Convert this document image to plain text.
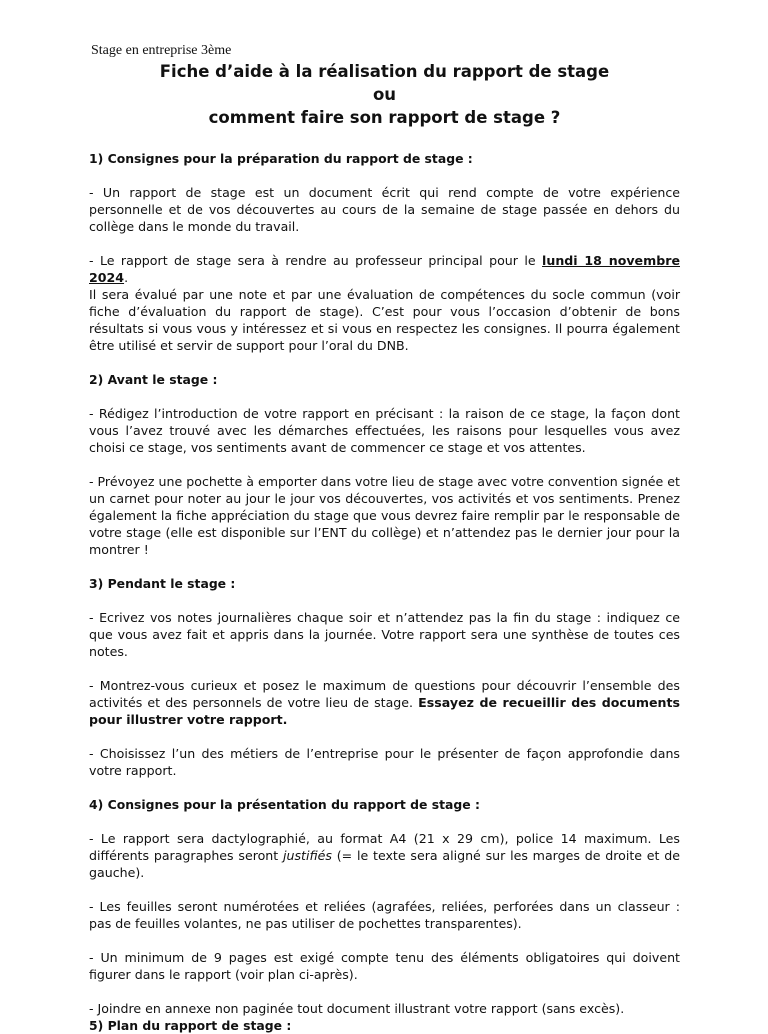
Stage en entreprise 3ème
Fiche d’aide à la réalisation du rapport de stage
ou
comment faire son rapport de stage ?
1) Consignes pour la préparation du rapport de stage :

- Un rapport de stage est un document écrit qui rend compte de votre expérience personnelle et de vos découvertes au cours de la semaine de stage passée en dehors du collège dans le monde du travail.

- Le rapport de stage sera à rendre au professeur principal pour le lundi 18 novembre 2024.

Il sera évalué par une note et par une évaluation de compétences du socle commun (voir fiche d’évaluation du rapport de stage). C’est pour vous l’occasion d’obtenir de bons résultats si vous vous y intéressez et si vous en respectez les consignes. Il pourra également être utilisé et servir de support pour l’oral du DNB.

2) Avant le stage :

- Rédigez l’introduction de votre rapport en précisant : la raison de ce stage, la façon dont vous l’avez trouvé avec les démarches effectuées, les raisons pour lesquelles vous avez choisi ce stage, vos sentiments avant de commencer ce stage et vos attentes.

- Prévoyez une pochette à emporter dans votre lieu de stage avec votre convention signée et un carnet pour noter au jour le jour vos découvertes, vos activités et vos sentiments. Prenez également la fiche appréciation du stage que vous devrez faire remplir par le responsable de votre stage (elle est disponible sur l’ENT du collège) et n’attendez pas le dernier jour pour la montrer !

3) Pendant le stage :

- Ecrivez vos notes journalières chaque soir et n’attendez pas la fin du stage : indiquez ce que vous avez fait et appris dans la journée. Votre rapport sera une synthèse de toutes ces notes.

- Montrez-vous curieux et posez le maximum de questions pour découvrir l’ensemble des activités et des personnels de votre lieu de stage. Essayez de recueillir des documents pour illustrer votre rapport.

- Choisissez l’un des métiers de l’entreprise pour le présenter de façon approfondie dans votre rapport.

4) Consignes pour la présentation du rapport de stage :

- Le rapport sera dactylographié, au format A4 (21 x 29 cm), police 14 maximum. Les différents paragraphes seront justifiés (= le texte sera aligné sur les marges de droite et de gauche).

- Les feuilles seront numérotées et reliées (agrafées, reliées, perforées dans un classeur : pas de feuilles volantes, ne pas utiliser de pochettes transparentes).

- Un minimum de 9 pages est exigé compte tenu des éléments obligatoires qui doivent figurer dans le rapport (voir plan ci-après).

- Joindre en annexe non paginée tout document illustrant votre rapport (sans excès).

5) Plan du rapport de stage :
